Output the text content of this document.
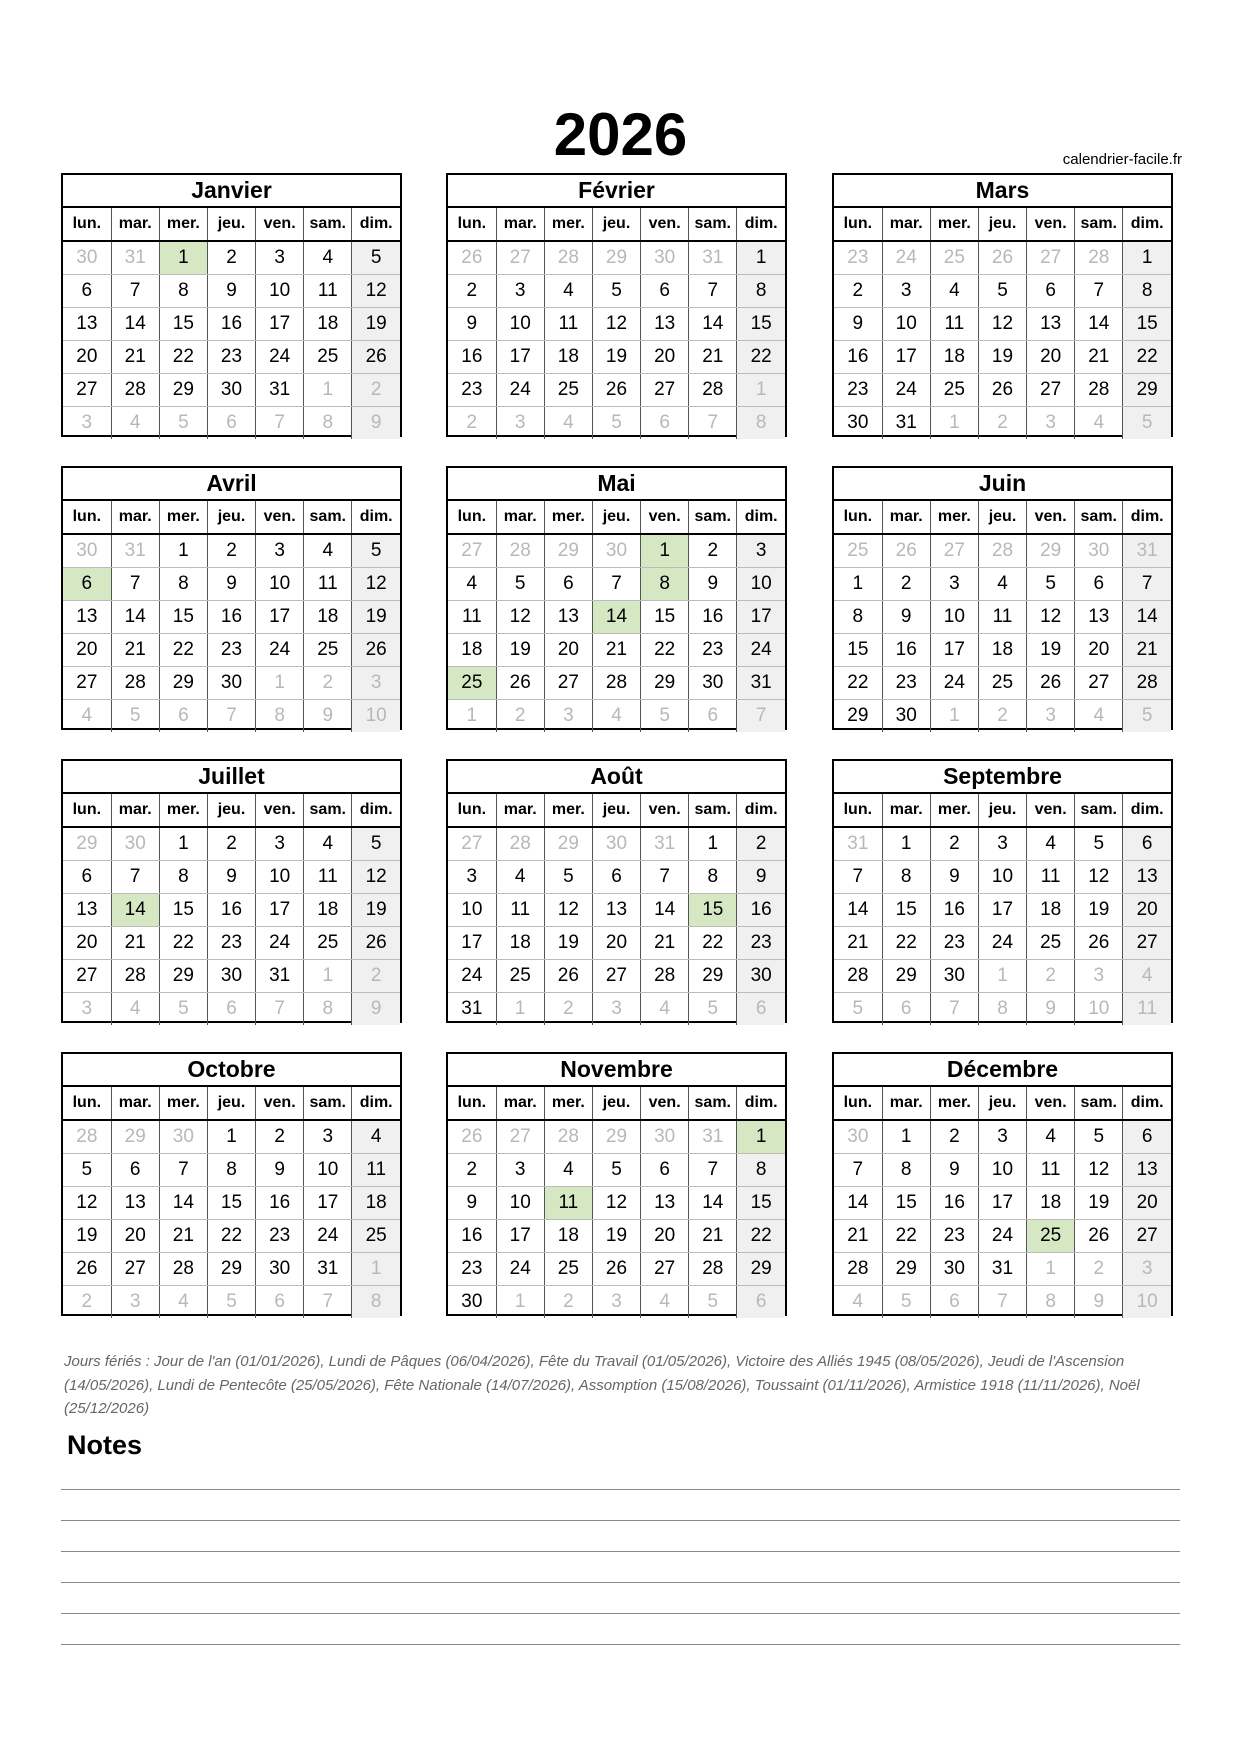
2026	calendrier-facile.fr
Janvier
lun.	mar.	mer.	jeu.	ven.	sam.	dim.
30	31	1	2	3	4	5
6	7	8	9	10	11	12
13	14	15	16	17	18	19
20	21	22	23	24	25	26
27	28	29	30	31	1	2
3	4	5	6	7	8	9
Février
lun.	mar.	mer.	jeu.	ven.	sam.	dim.
26	27	28	29	30	31	1
2	3	4	5	6	7	8
9	10	11	12	13	14	15
16	17	18	19	20	21	22
23	24	25	26	27	28	1
2	3	4	5	6	7	8
Mars
lun.	mar.	mer.	jeu.	ven.	sam.	dim.
23	24	25	26	27	28	1
2	3	4	5	6	7	8
9	10	11	12	13	14	15
16	17	18	19	20	21	22
23	24	25	26	27	28	29
30	31	1	2	3	4	5
Avril
lun.	mar.	mer.	jeu.	ven.	sam.	dim.
30	31	1	2	3	4	5
6	7	8	9	10	11	12
13	14	15	16	17	18	19
20	21	22	23	24	25	26
27	28	29	30	1	2	3
4	5	6	7	8	9	10
Mai
lun.	mar.	mer.	jeu.	ven.	sam.	dim.
27	28	29	30	1	2	3
4	5	6	7	8	9	10
11	12	13	14	15	16	17
18	19	20	21	22	23	24
25	26	27	28	29	30	31
1	2	3	4	5	6	7
Juin
lun.	mar.	mer.	jeu.	ven.	sam.	dim.
25	26	27	28	29	30	31
1	2	3	4	5	6	7
8	9	10	11	12	13	14
15	16	17	18	19	20	21
22	23	24	25	26	27	28
29	30	1	2	3	4	5
Juillet
lun.	mar.	mer.	jeu.	ven.	sam.	dim.
29	30	1	2	3	4	5
6	7	8	9	10	11	12
13	14	15	16	17	18	19
20	21	22	23	24	25	26
27	28	29	30	31	1	2
3	4	5	6	7	8	9
Août
lun.	mar.	mer.	jeu.	ven.	sam.	dim.
27	28	29	30	31	1	2
3	4	5	6	7	8	9
10	11	12	13	14	15	16
17	18	19	20	21	22	23
24	25	26	27	28	29	30
31	1	2	3	4	5	6
Septembre
lun.	mar.	mer.	jeu.	ven.	sam.	dim.
31	1	2	3	4	5	6
7	8	9	10	11	12	13
14	15	16	17	18	19	20
21	22	23	24	25	26	27
28	29	30	1	2	3	4
5	6	7	8	9	10	11
Octobre
lun.	mar.	mer.	jeu.	ven.	sam.	dim.
28	29	30	1	2	3	4
5	6	7	8	9	10	11
12	13	14	15	16	17	18
19	20	21	22	23	24	25
26	27	28	29	30	31	1
2	3	4	5	6	7	8
Novembre
lun.	mar.	mer.	jeu.	ven.	sam.	dim.
26	27	28	29	30	31	1
2	3	4	5	6	7	8
9	10	11	12	13	14	15
16	17	18	19	20	21	22
23	24	25	26	27	28	29
30	1	2	3	4	5	6
Décembre
lun.	mar.	mer.	jeu.	ven.	sam.	dim.
30	1	2	3	4	5	6
7	8	9	10	11	12	13
14	15	16	17	18	19	20
21	22	23	24	25	26	27
28	29	30	31	1	2	3
4	5	6	7	8	9	10
Jours fériés : Jour de l'an (01/01/2026), Lundi de Pâques (06/04/2026), Fête du Travail (01/05/2026), Victoire des Alliés 1945 (08/05/2026), Jeudi de l'Ascension (14/05/2026), Lundi de Pentecôte (25/05/2026), Fête Nationale (14/07/2026), Assomption (15/08/2026), Toussaint (01/11/2026), Armistice 1918 (11/11/2026), Noël (25/12/2026)
Notes
